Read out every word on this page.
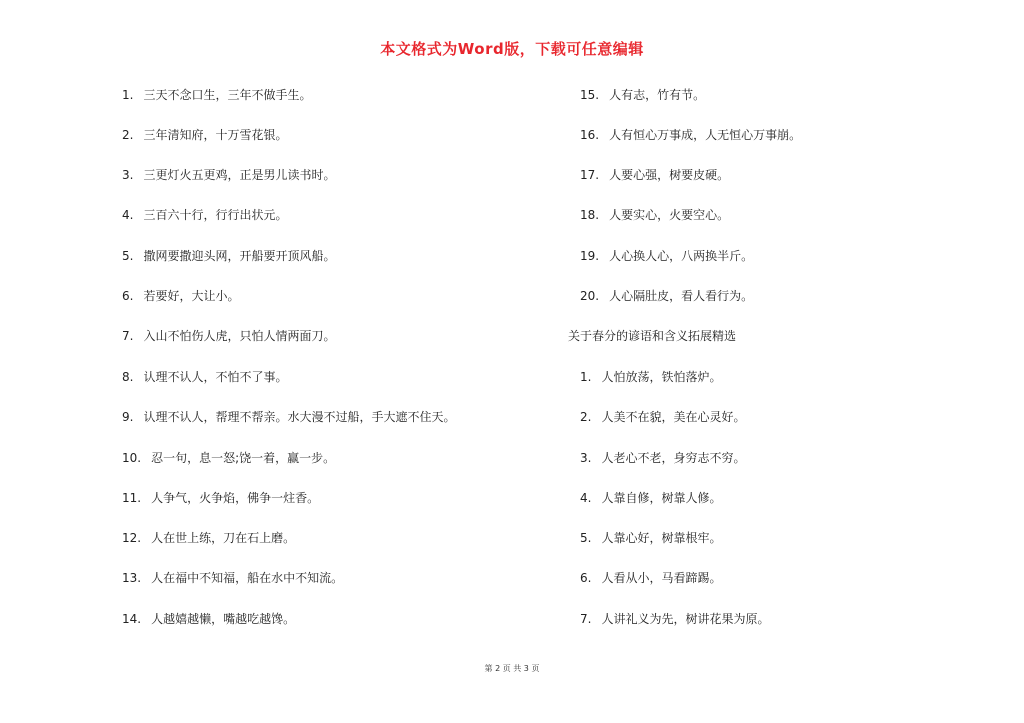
本文格式为Word版，下载可任意编辑
1. 三天不念口生，三年不做手生。
2. 三年清知府，十万雪花银。
3. 三更灯火五更鸡，正是男儿读书时。
4. 三百六十行，行行出状元。
5. 撒网要撒迎头网，开船要开顶风船。
6. 若要好，大让小。
7. 入山不怕伤人虎，只怕人情两面刀。
8. 认理不认人，不怕不了事。
9. 认理不认人，帮理不帮亲。水大漫不过船，手大遮不住天。
10. 忍一句，息一怒;饶一着，赢一步。
11. 人争气，火争焰，佛争一炷香。
12. 人在世上练，刀在石上磨。
13. 人在福中不知福，船在水中不知流。
14. 人越嬉越懒，嘴越吃越馋。
15. 人有志，竹有节。
16. 人有恒心万事成，人无恒心万事崩。
17. 人要心强，树要皮硬。
18. 人要实心，火要空心。
19. 人心换人心，八两换半斤。
20. 人心隔肚皮，看人看行为。
关于春分的谚语和含义拓展精选
1. 人怕放荡，铁怕落炉。
2. 人美不在貌，美在心灵好。
3. 人老心不老，身穷志不穷。
4. 人靠自修，树靠人修。
5. 人靠心好，树靠根牢。
6. 人看从小，马看蹄踢。
7. 人讲礼义为先，树讲花果为原。
第 2 页 共 3 页
